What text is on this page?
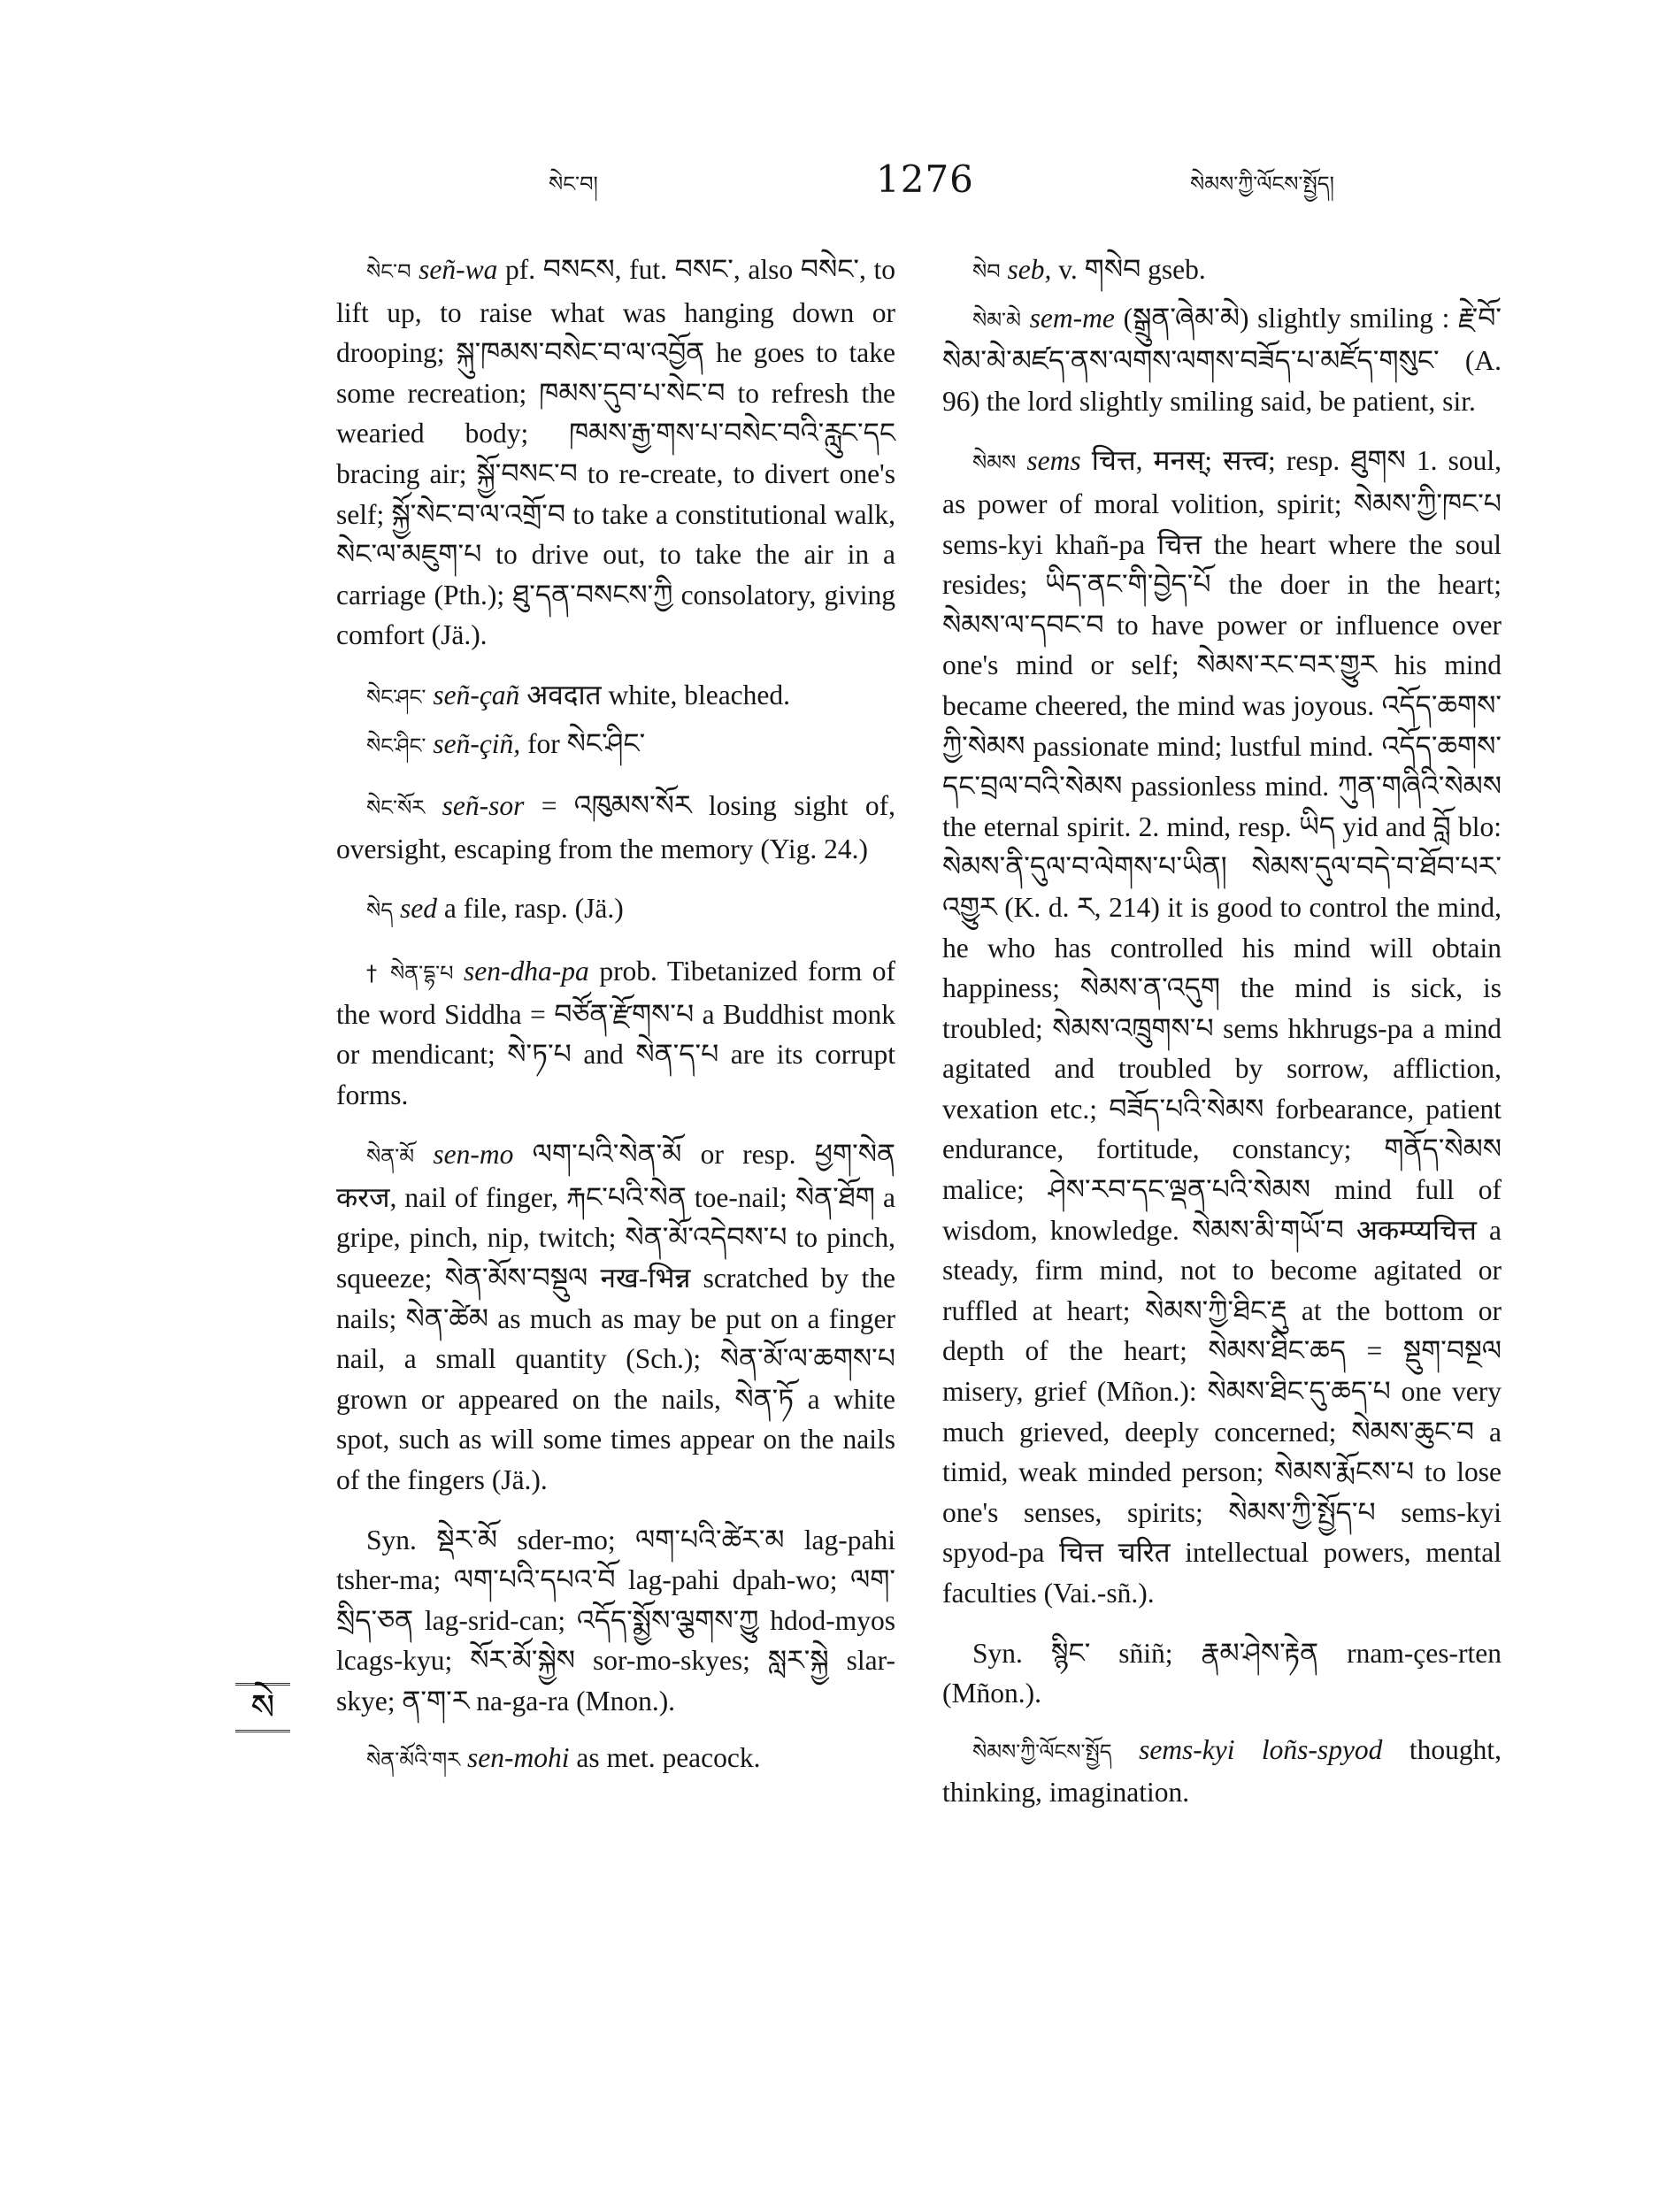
སེང་བ།	1276	སེམས་ཀྱི་ལོངས་སྤྱོད།
སེ

སེང་བ señ-wa pf. བསངས, fut. བསང་, also བསེང་, to lift up, to raise what was hanging down or drooping; སྐུ་ཁམས་བསེང་བ་ལ་འབྱོན he goes to take some recreation; ཁམས་དུབ་པ་སེང་བ to refresh the wearied body; ཁམས་རྒྱ་གས་པ་བསེང་བའི་རླུང་དང bracing air; སྐྱོ་བསང་བ to re-create, to divert one's self; སྐྱོ་སེང་བ་ལ་འགྲོ་བ to take a constitutional walk, སེང་ལ་མཇུག་པ to drive out, to take the air in a carriage (Pth.); ཐུ་དན་བསངས་ཀྱི consolatory, giving comfort (Jä.).

སེང་ཤང་ señ-çañ अवदात white, bleached.

སེང་ཤིང་ señ-çiñ, for སེང་ཤིང་

སེང་སོར señ-sor = འཁུམས་སོར losing sight of, oversight, escaping from the memory (Yig. 24.)

སེད sed a file, rasp. (Jä.)

† སེན་དྷ་པ sen-dha-pa prob. Tibetanized form of the word Siddha = བཙོན་རྫོགས་པ a Buddhist monk or mendicant; སེ་ཏ་པ and སེན་ད་པ are its corrupt forms.

སེན་མོ sen-mo ལག་པའི་སེན་མོ or resp. ཕྱག་སེན करज, nail of finger, རྐང་པའི་སེན toe-nail; སེན་ཐོག a gripe, pinch, nip, twitch; སེན་མོ་འདེབས་པ to pinch, squeeze; སེན་མོས་བསྡུལ नख-भिन्न scratched by the nails; སེན་ཚེམ as much as may be put on a finger nail, a small quantity (Sch.); སེན་མོ་ལ་ཆགས་པ grown or appeared on the nails, སེན་ཏོ a white spot, such as will some times appear on the nails of the fingers (Jä.).

Syn. སྡེར་མོ sder-mo; ལག་པའི་ཚེར་མ lag-pahi tsher-ma; ལག་པའི་དཔའ་བོ lag-pahi dpah-wo; ལག་སྲིད་ཅན lag-srid-can; འདོད་སྨྱོས་ལྕགས་ཀྱུ hdod-myos lcags-kyu; སོར་མོ་སྐྱེས sor-mo-skyes; སླར་སྐྱེ slar-skye; ན་ག་ར na-ga-ra (Mnon.).

སེན་མོའི་གར sen-mohi as met. peacock.

སེབ seb, v. གསེབ gseb.

སེམ་མེ sem-me (སྒྲུན་ཞེམ་མེ) slightly smiling : རྗེ་བོ་སེམ་མེ་མཛད་ནས་ལགས་ལགས་བཟོད་པ་མཛོད་གསུང་ (A. 96) the lord slightly smiling said, be patient, sir.

སེམས sems चित्त, मनस्; सत्त्व; resp. ཐུགས 1. soul, as power of moral volition, spirit; སེམས་ཀྱི་ཁང་པ sems-kyi khañ-pa चित्त the heart where the soul resides; ཡིད་ནང་གི་བྱེད་པོ the doer in the heart; སེམས་ལ་དབང་བ to have power or influence over one's mind or self; སེམས་རང་བར་གྱུར his mind became cheered, the mind was joyous. འདོད་ཆགས་ཀྱི་སེམས passionate mind; lustful mind. འདོད་ཆགས་དང་བྲལ་བའི་སེམས passionless mind. ཀུན་གཞིའི་སེམས the eternal spirit. 2. mind, resp. ཡིད yid and བློ blo: སེམས་ནི་དུལ་བ་ལེགས་པ་ཡིན། སེམས་དུལ་བདེ་བ་ཐོབ་པར་འགྱུར (K. d. ར, 214) it is good to control the mind, he who has controlled his mind will obtain happiness; སེམས་ན་འདུག the mind is sick, is troubled; སེམས་འཁྲུགས་པ sems hkhrugs-pa a mind agitated and troubled by sorrow, affliction, vexation etc.; བཟོད་པའི་སེམས forbearance, patient endurance, fortitude, constancy; གནོད་སེམས malice; ཤེས་རབ་དང་ལྡན་པའི་སེམས mind full of wisdom, knowledge. སེམས་མི་གཡོ་བ अकम्प्यचित्त a steady, firm mind, not to become agitated or ruffled at heart; སེམས་ཀྱི་ཐིང་རྡུ at the bottom or depth of the heart; སེམས་ཐིང་ཆད = སྡུག་བསྔལ misery, grief (Mñon.): སེམས་ཐིང་དུ་ཆད་པ one very much grieved, deeply concerned; སེམས་ཆུང་བ a timid, weak minded person; སེམས་རྨོངས་པ to lose one's senses, spirits; སེམས་ཀྱི་སྤྱོད་པ sems-kyi spyod-pa चित्त चरित intellectual powers, mental faculties (Vai.-sñ.).

Syn. སྙིང་ sñiñ; རྣམ་ཤེས་རྟེན rnam-çes-rten (Mñon.).

སེམས་ཀྱི་ལོངས་སྤྱོད sems-kyi loñs-spyod thought, thinking, imagination.
